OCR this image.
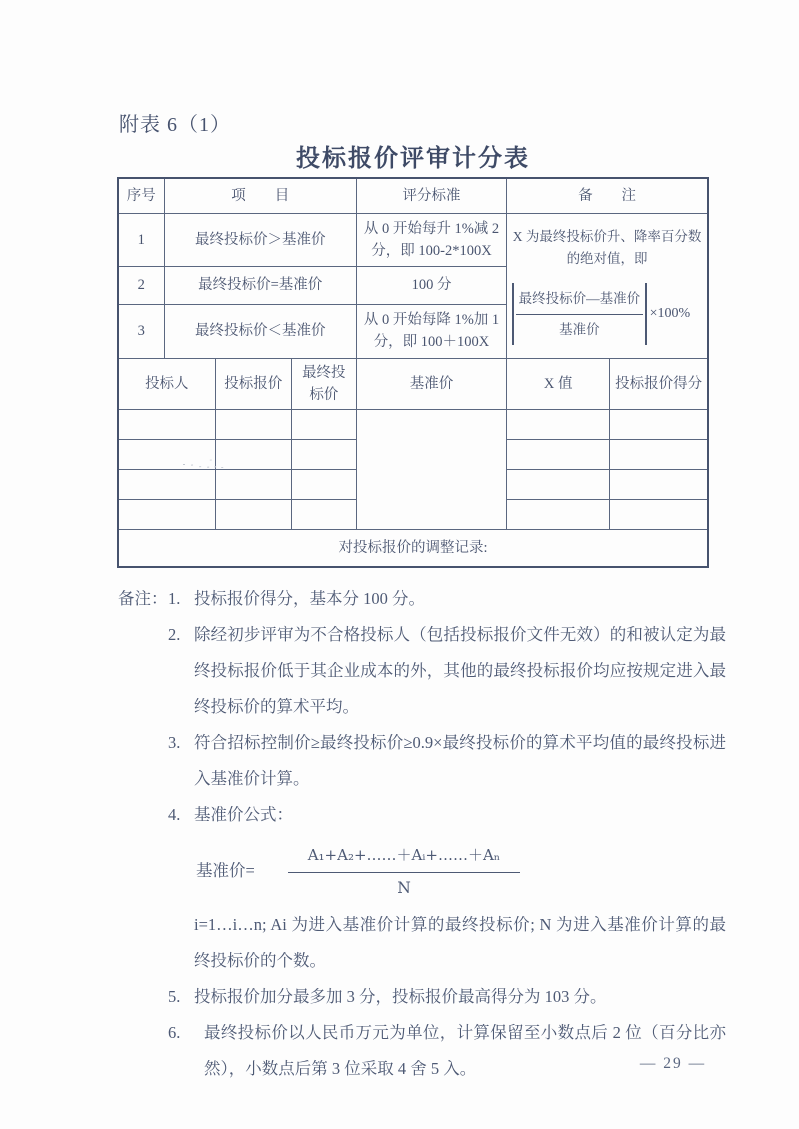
附表 6（1）
投标报价评审计分表
序号	项　　目			评分标准	备　　注	
1	最终投标价＞基准价			从 0 开始每升 1%减 2 分，即 100-2*100X	X 为最终投标价升、降率百分数的绝对值，即
$\frac{\text{最终投标价—基准价}}{\text{基准价}} \times 100\%$	

2	最终投标价=基准价			100 分		
3	最终投标价＜基准价			从 0 开始每降 1%加 1 分，即 100＋100X		
投标人		投标报价	最终投标价	基准价	X 值	投标报价得分

对投标报价的调整记录:						
备注： 1. 投标报价得分，基本分 100 分。
2. 除经初步评审为不合格投标人（包括投标报价文件无效）的和被认定为最终投标报价低于其企业成本的外，其他的最终投标报价均应按规定进入最终投标价的算术平均。
3. 符合招标控制价≥最终投标价≥0.9×最终投标价的算术平均值的最终投标进入基准价计算。
4. 基准价公式：
基准价=	$\frac{\text{A₁+A₂+……＋Aᵢ+……＋Aₙ}}{N}$
i=1…i…n; Ai 为进入基准价计算的最终投标价; N 为进入基准价计算的最终投标价的个数。
5. 投标报价加分最多加 3 分，投标报价最高得分为 103 分。
6.	最终投标价以人民币万元为单位，计算保留至小数点后 2 位（百分比亦然），小数点后第 3 位采取 4 舍 5 入。	— 29 —
